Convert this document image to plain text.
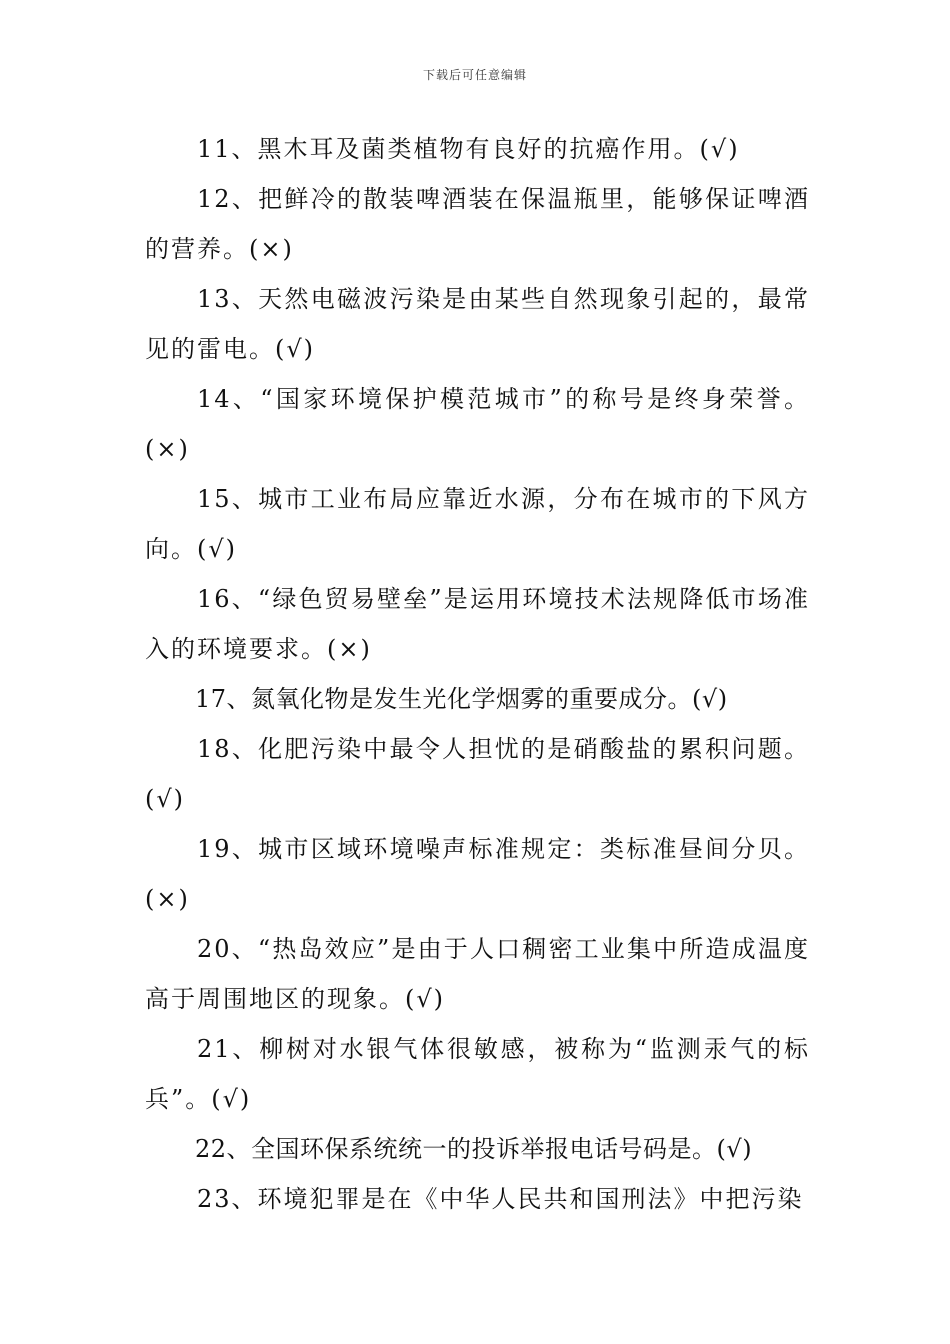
下载后可任意编辑

11、黑木耳及菌类植物有良好的抗癌作用。(√)

12、把鲜冷的散装啤酒装在保温瓶里，能够保证啤酒的营养。(×)

13、天然电磁波污染是由某些自然现象引起的，最常见的雷电。(√)

14、“国家环境保护模范城市”的称号是终身荣誉。(×)

15、城市工业布局应靠近水源，分布在城市的下风方向。(√)

16、“绿色贸易壁垒”是运用环境技术法规降低市场准入的环境要求。(×)

17、氮氧化物是发生光化学烟雾的重要成分。(√)

18、化肥污染中最令人担忧的是硝酸盐的累积问题。(√)

19、城市区域环境噪声标准规定：类标准昼间分贝。(×)

20、“热岛效应”是由于人口稠密工业集中所造成温度高于周围地区的现象。(√)

21、柳树对水银气体很敏感，被称为“监测汞气的标兵”。(√)

22、全国环保系统统一的投诉举报电话号码是。(√)

23、环境犯罪是在《中华人民共和国刑法》中把污染
